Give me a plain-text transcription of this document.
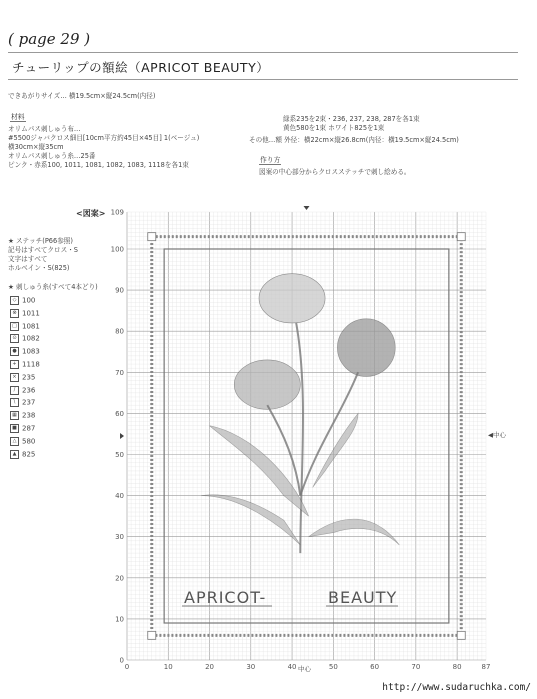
( page 29 )
チューリップの額絵（APRICOT BEAUTY）
できあがりサイズ… 横19.5cm×縦24.5cm(内径)
材料
オリムパス刺しゅう布…
#5500ジャバクロス細目[10cm平方約45目×45目] 1(ベージュ)
横30cm×縦35cm
オリムパス刺しゅう糸…25番
ピンク・赤系100, 1011, 1081, 1082, 1083, 1118を各1束
緑系235を2束・236, 237, 238, 287を各1束
黄色580を1束 ホワイト825を1束
その他…額 外径：横22cm×縦26.8cm(内径：横19.5cm×縦24.5cm)
作り方
図案の中心部分からクロスステッチで刺し絵める。
<図案>
★ ステッチ(P66参照)
記号はすべてクロス・S
文字はすべて
ホルベイン・S(825)
★ 刺しゅう糸(すべて4本どり)
◇ 100
⊗ 1011
□ 1081
⊙ 1082
● 1083
+ 1118
× 235
/ 236
\ 237
▦ 238
■ 287
△ 580
▲ 825
109
100
90
80
70
60
50
40
30
20
10
0
0	10	20	30	40	50	60	70	80	87
APRICOT-	BEAUTY
◀中心
中心
http://www.sudaruchka.com/
